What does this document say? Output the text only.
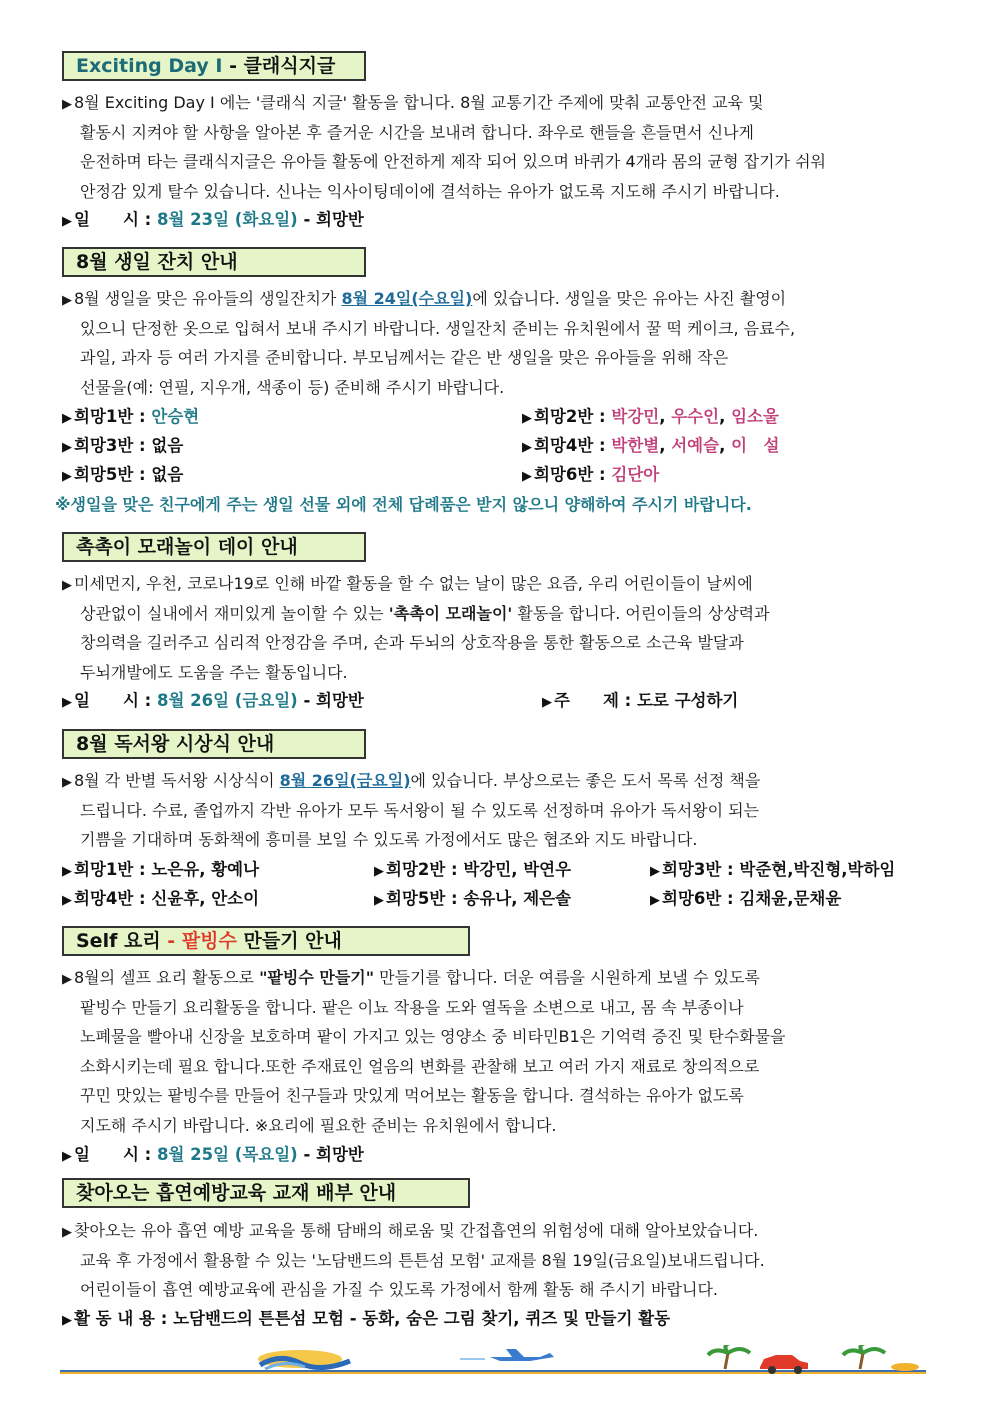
Exciting Day Ⅰ - 클래식지글
▶ 8월 Exciting Day Ⅰ 에는 '클래식 지글' 활동을 합니다. 8월 교통기간 주제에 맞춰 교통안전 교육 및
활동시 지켜야 할 사항을 알아본 후 즐거운 시간을 보내려 합니다. 좌우로 핸들을 흔들면서 신나게
운전하며 타는 클래식지글은 유아들 활동에 안전하게 제작 되어 있으며 바퀴가 4개라 몸의 균형 잡기가 쉬워
안정감 있게 탈수 있습니다. 신나는 익사이팅데이에 결석하는 유아가 없도록 지도해 주시기 바랍니다.
▶ 일　　시 : 8월 23일 (화요일) - 희망반
8월 생일 잔치 안내
▶ 8월 생일을 맞은 유아들의 생일잔치가 8월 24일(수요일)에 있습니다. 생일을 맞은 유아는 사진 촬영이
있으니 단정한 옷으로 입혀서 보내 주시기 바랍니다. 생일잔치 준비는 유치원에서 꿀 떡 케이크, 음료수,
과일, 과자 등 여러 가지를 준비합니다. 부모님께서는 같은 반 생일을 맞은 유아들을 위해 작은
선물을(예: 연필, 지우개, 색종이 등) 준비해 주시기 바랍니다.
▶ 희망1반 : 안승현	▶ 희망2반 : 박강민, 우수인, 임소울
▶ 희망3반 : 없음	▶ 희망4반 : 박한별, 서예슬, 이　설
▶ 희망5반 : 없음	▶ 희망6반 : 김단아
※생일을 맞은 친구에게 주는 생일 선물 외에 전체 답례품은 받지 않으니 양해하여 주시기 바랍니다.
촉촉이 모래놀이 데이 안내
▶ 미세먼지, 우천, 코로나19로 인해 바깥 활동을 할 수 없는 날이 많은 요즘, 우리 어린이들이 날씨에
상관없이 실내에서 재미있게 놀이할 수 있는 '촉촉이 모래놀이' 활동을 합니다. 어린이들의 상상력과
창의력을 길러주고 심리적 안정감을 주며, 손과 두뇌의 상호작용을 통한 활동으로 소근육 발달과
두뇌개발에도 도움을 주는 활동입니다.
▶ 일　　시 : 8월 26일 (금요일) - 희망반	▶ 주　　제 : 도로 구성하기
8월 독서왕 시상식 안내
▶ 8월 각 반별 독서왕 시상식이 8월 26일(금요일)에 있습니다. 부상으로는 좋은 도서 목록 선정 책을
드립니다. 수료, 졸업까지 각반 유아가 모두 독서왕이 될 수 있도록 선정하며 유아가 독서왕이 되는
기쁨을 기대하며 동화책에 흥미를 보일 수 있도록 가정에서도 많은 협조와 지도 바랍니다.
▶ 희망1반 : 노은유, 황예나	▶ 희망2반 : 박강민, 박연우	▶ 희망3반 : 박준현,박진형,박하임
▶ 희망4반 : 신윤후, 안소이	▶ 희망5반 : 송유나, 제은솔	▶ 희망6반 : 김채윤,문채윤
Self 요리 - 팥빙수 만들기 안내
▶ 8월의 셀프 요리 활동으로 "팥빙수 만들기" 만들기를 합니다. 더운 여름을 시원하게 보낼 수 있도록
팥빙수 만들기 요리활동을 합니다. 팥은 이뇨 작용을 도와 열독을 소변으로 내고, 몸 속 부종이나
노폐물을 빨아내 신장을 보호하며 팥이 가지고 있는 영양소 중 비타민B1은 기억력 증진 및 탄수화물을
소화시키는데 필요 합니다.또한 주재료인 얼음의 변화를 관찰해 보고 여러 가지 재료로 창의적으로
꾸민 맛있는 팥빙수를 만들어 친구들과 맛있게 먹어보는 활동을 합니다. 결석하는 유아가 없도록
지도해 주시기 바랍니다. ※요리에 필요한 준비는 유치원에서 합니다.
▶ 일　　시 : 8월 25일 (목요일) - 희망반
찾아오는 흡연예방교육 교재 배부 안내
▶ 찾아오는 유아 흡연 예방 교육을 통해 담배의 해로움 및 간접흡연의 위험성에 대해 알아보았습니다.
교육 후 가정에서 활용할 수 있는 '노담밴드의 튼튼섬 모험' 교재를 8월 19일(금요일)보내드립니다.
어린이들이 흡연 예방교육에 관심을 가질 수 있도록 가정에서 함께 활동 해 주시기 바랍니다.
▶ 활 동 내 용 : 노담밴드의 튼튼섬 모험 - 동화, 숨은 그림 찾기, 퀴즈 및 만들기 활동
